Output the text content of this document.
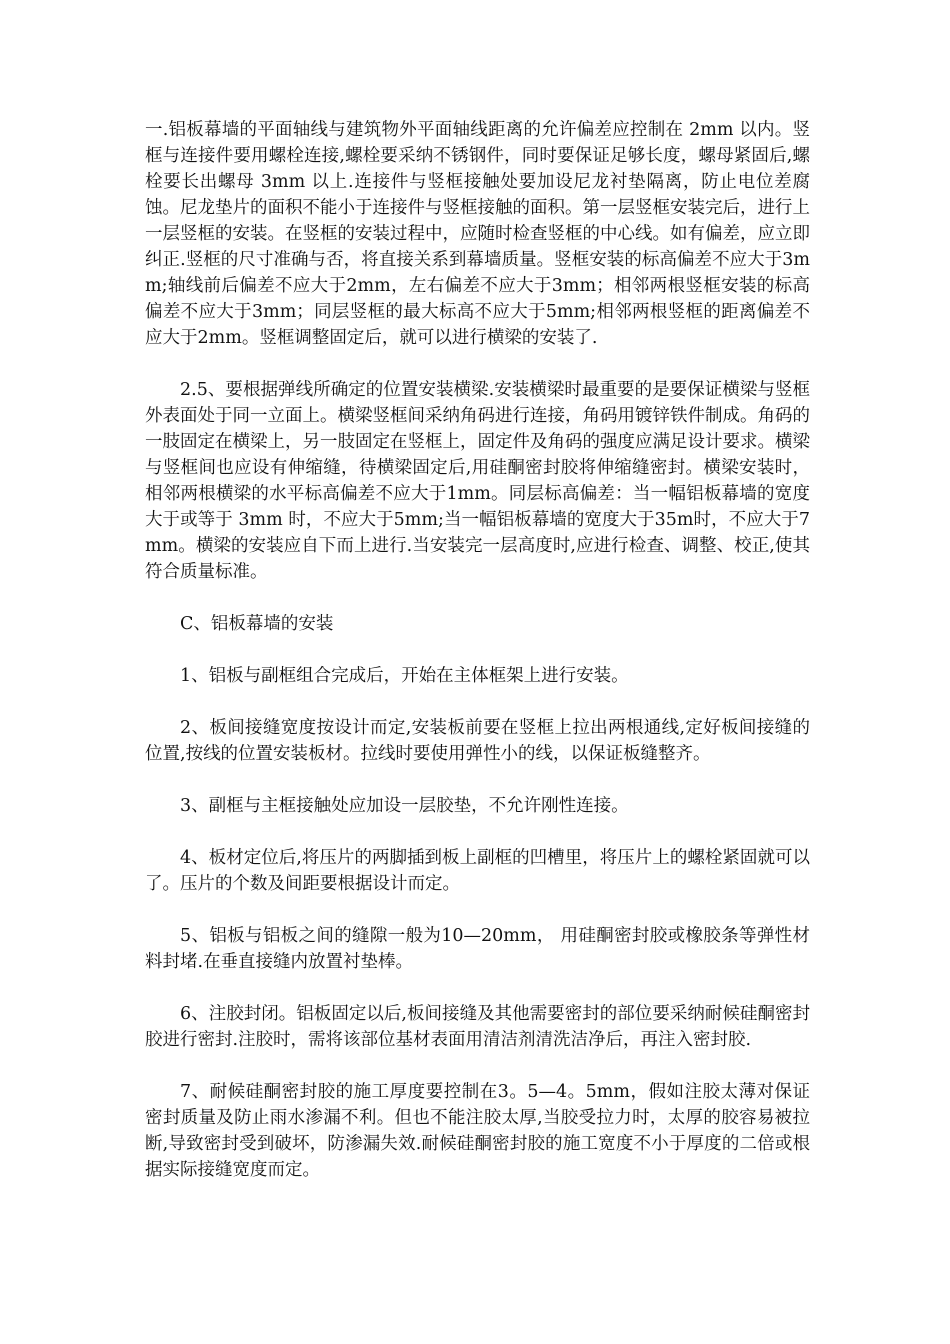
一.铝板幕墙的平面轴线与建筑物外平面轴线距离的允许偏差应控制在 2mm 以内。竖框与连接件要用螺栓连接,螺栓要采纳不锈钢件，同时要保证足够长度，螺母紧固后,螺栓要长出螺母 3mm 以上.连接件与竖框接触处要加设尼龙衬垫隔离，防止电位差腐蚀。尼龙垫片的面积不能小于连接件与竖框接触的面积。第一层竖框安装完后，进行上一层竖框的安装。在竖框的安装过程中，应随时检查竖框的中心线。如有偏差，应立即纠正.竖框的尺寸准确与否，将直接关系到幕墙质量。竖框安装的标高偏差不应大于3mm;轴线前后偏差不应大于2mm，左右偏差不应大于3mm；相邻两根竖框安装的标高偏差不应大于3mm；同层竖框的最大标高不应大于5mm;相邻两根竖框的距离偏差不应大于2mm。竖框调整固定后，就可以进行横梁的安装了.

2.5、要根据弹线所确定的位置安装横梁.安装横梁时最重要的是要保证横梁与竖框外表面处于同一立面上。横梁竖框间采纳角码进行连接，角码用镀锌铁件制成。角码的一肢固定在横梁上，另一肢固定在竖框上，固定件及角码的强度应满足设计要求。横梁与竖框间也应设有伸缩缝，待横梁固定后,用硅酮密封胶将伸缩缝密封。横梁安装时，相邻两根横梁的水平标高偏差不应大于1mm。同层标高偏差：当一幅铝板幕墙的宽度大于或等于 3mm 时，不应大于5mm;当一幅铝板幕墙的宽度大于35m时，不应大于7mm。横梁的安装应自下而上进行.当安装完一层高度时,应进行检查、调整、校正,使其符合质量标准。

C、铝板幕墙的安装

1、铝板与副框组合完成后，开始在主体框架上进行安装。

2、板间接缝宽度按设计而定,安装板前要在竖框上拉出两根通线,定好板间接缝的位置,按线的位置安装板材。拉线时要使用弹性小的线，以保证板缝整齐。

3、副框与主框接触处应加设一层胶垫，不允许刚性连接。

4、板材定位后,将压片的两脚插到板上副框的凹槽里，将压片上的螺栓紧固就可以了。压片的个数及间距要根据设计而定。

5、铝板与铝板之间的缝隙一般为10—20mm， 用硅酮密封胶或橡胶条等弹性材料封堵.在垂直接缝内放置衬垫棒。

6、注胶封闭。铝板固定以后,板间接缝及其他需要密封的部位要采纳耐候硅酮密封胶进行密封.注胶时，需将该部位基材表面用清洁剂清洗洁净后，再注入密封胶.

7、耐候硅酮密封胶的施工厚度要控制在3。5—4。5mm，假如注胶太薄对保证密封质量及防止雨水渗漏不利。但也不能注胶太厚,当胶受拉力时，太厚的胶容易被拉断,导致密封受到破坏，防渗漏失效.耐候硅酮密封胶的施工宽度不小于厚度的二倍或根据实际接缝宽度而定。
